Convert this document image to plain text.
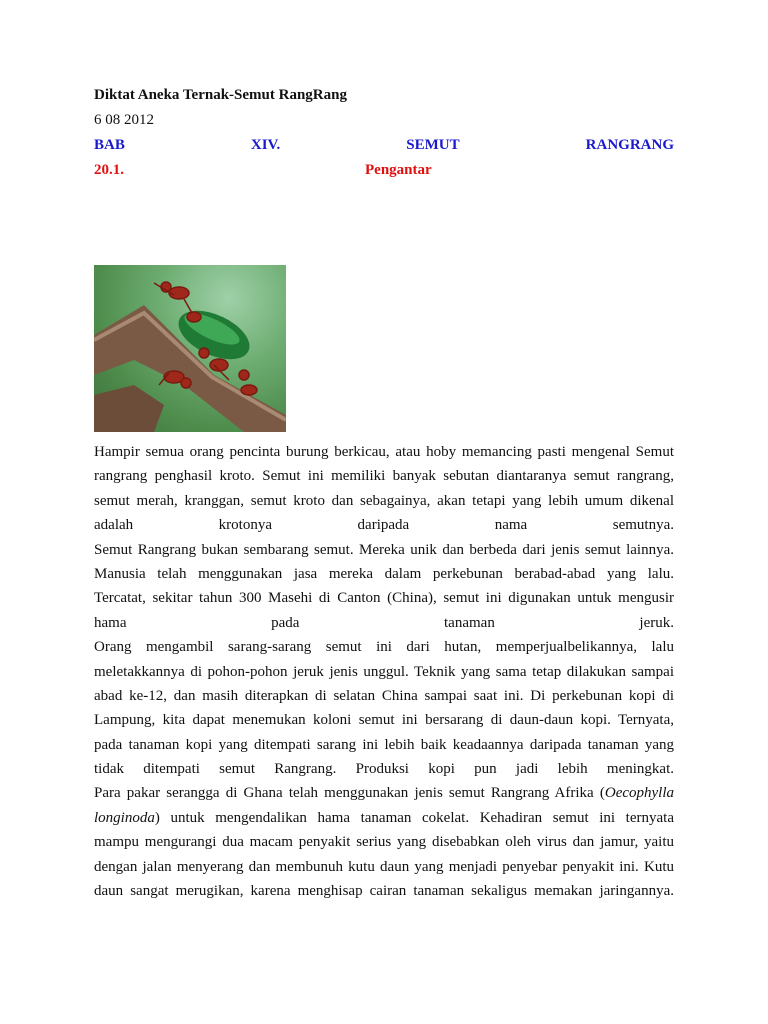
Diktat Aneka Ternak-Semut RangRang
6 08 2012
BAB	XIV.	SEMUT	RANGRANG
20.1.	Pengantar
Hampir semua orang pencinta burung berkicau, atau hoby memancing pasti mengenal Semut
rangrang penghasil kroto. Semut ini memiliki banyak sebutan diantaranya semut rangrang,
semut merah, kranggan, semut kroto dan sebagainya, akan tetapi yang lebih umum dikenal
adalah krotonya daripada nama semutnya.
Semut Rangrang bukan sembarang semut. Mereka unik dan berbeda dari jenis semut lainnya.
Manusia telah menggunakan jasa mereka dalam perkebunan berabad-abad yang lalu.
Tercatat, sekitar tahun 300 Masehi di Canton (China), semut ini digunakan untuk mengusir
hama pada tanaman jeruk.
Orang mengambil sarang-sarang semut ini dari hutan, memperjualbelikannya, lalu
meletakkannya di pohon-pohon jeruk jenis unggul. Teknik yang sama tetap dilakukan sampai
abad ke-12, dan masih diterapkan di selatan China sampai saat ini. Di perkebunan kopi di
Lampung, kita dapat menemukan koloni semut ini bersarang di daun-daun kopi. Ternyata,
pada tanaman kopi yang ditempati sarang ini lebih baik keadaannya daripada tanaman yang
tidak ditempati semut Rangrang. Produksi kopi pun jadi lebih meningkat.
Para pakar serangga di Ghana telah menggunakan jenis semut Rangrang Afrika (Oecophylla
longinoda) untuk mengendalikan hama tanaman cokelat. Kehadiran semut ini ternyata
mampu mengurangi dua macam penyakit serius yang disebabkan oleh virus dan jamur, yaitu
dengan jalan menyerang dan membunuh kutu daun yang menjadi penyebar penyakit ini. Kutu
daun sangat merugikan, karena menghisap cairan tanaman sekaligus memakan jaringannya.
